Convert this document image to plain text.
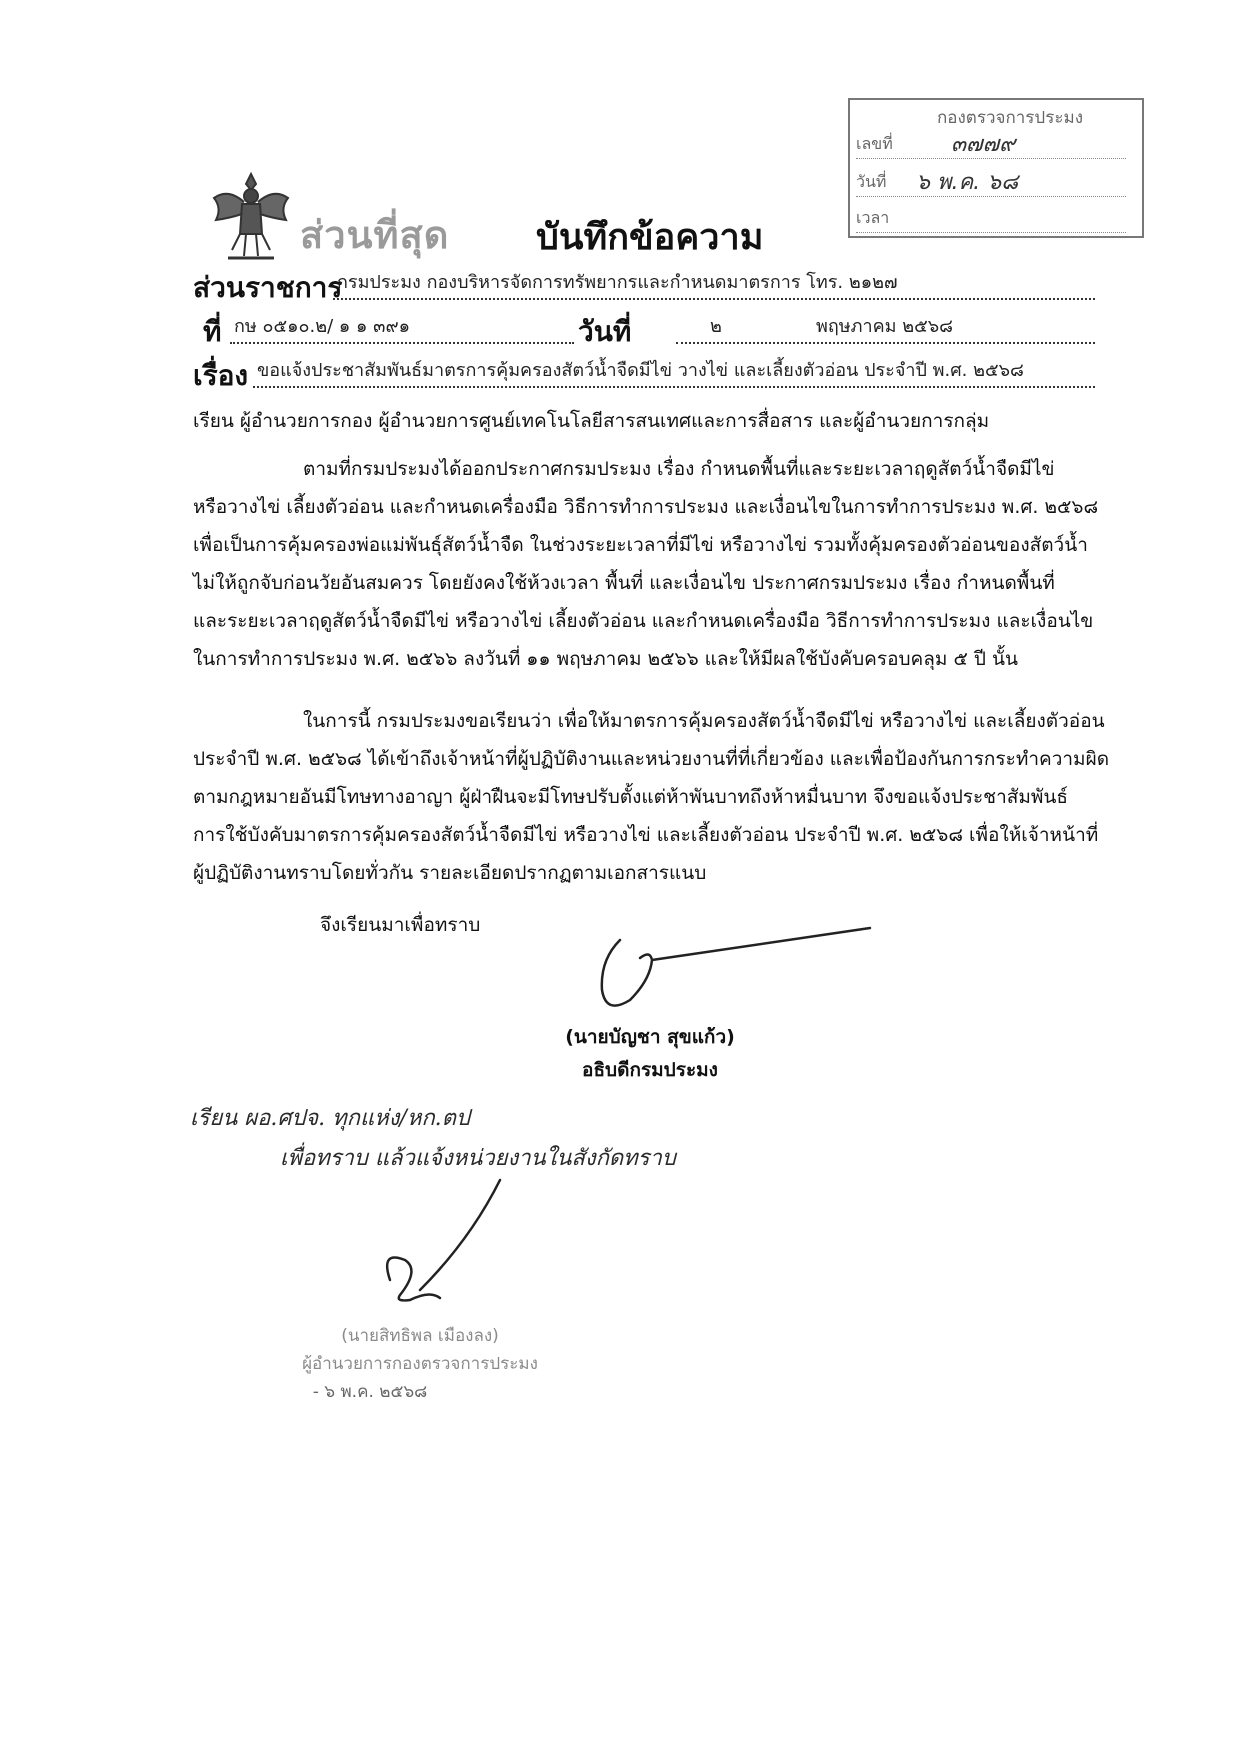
กองตรวจการประมง
เลขที่	๓๗๗๙
วันที่ ๖ พ.ค. ๖๘
เวลา
ส่วนที่สุด บันทึกข้อความ
ส่วนราชการ
กรมประมง กองบริหารจัดการทรัพยากรและกำหนดมาตรการ โทร. ๒๑๒๗
ที่ กษ ๐๕๑๐.๒/ ๑ ๑ ๓๙๑	วันที่	๒	พฤษภาคม ๒๕๖๘
เรื่อง ขอแจ้งประชาสัมพันธ์มาตรการคุ้มครองสัตว์น้ำจืดมีไข่ วางไข่ และเลี้ยงตัวอ่อน ประจำปี พ.ศ. ๒๕๖๘
เรียน ผู้อำนวยการกอง ผู้อำนวยการศูนย์เทคโนโลยีสารสนเทศและการสื่อสาร และผู้อำนวยการกลุ่ม
ตามที่กรมประมงได้ออกประกาศกรมประมง เรื่อง กำหนดพื้นที่และระยะเวลาฤดูสัตว์น้ำจืดมีไข่
หรือวางไข่ เลี้ยงตัวอ่อน และกำหนดเครื่องมือ วิธีการทำการประมง และเงื่อนไขในการทำการประมง พ.ศ. ๒๕๖๘
เพื่อเป็นการคุ้มครองพ่อแม่พันธุ์สัตว์น้ำจืด ในช่วงระยะเวลาที่มีไข่ หรือวางไข่ รวมทั้งคุ้มครองตัวอ่อนของสัตว์น้ำ
ไม่ให้ถูกจับก่อนวัยอันสมควร โดยยังคงใช้ห้วงเวลา พื้นที่ และเงื่อนไข ประกาศกรมประมง เรื่อง กำหนดพื้นที่
และระยะเวลาฤดูสัตว์น้ำจืดมีไข่ หรือวางไข่ เลี้ยงตัวอ่อน และกำหนดเครื่องมือ วิธีการทำการประมง และเงื่อนไข
ในการทำการประมง พ.ศ. ๒๕๖๖ ลงวันที่ ๑๑ พฤษภาคม ๒๕๖๖ และให้มีผลใช้บังคับครอบคลุม ๕ ปี นั้น
ในการนี้ กรมประมงขอเรียนว่า เพื่อให้มาตรการคุ้มครองสัตว์น้ำจืดมีไข่ หรือวางไข่ และเลี้ยงตัวอ่อน
ประจำปี พ.ศ. ๒๕๖๘ ได้เข้าถึงเจ้าหน้าที่ผู้ปฏิบัติงานและหน่วยงานที่ที่เกี่ยวข้อง และเพื่อป้องกันการกระทำความผิด
ตามกฎหมายอันมีโทษทางอาญา ผู้ฝ่าฝืนจะมีโทษปรับตั้งแต่ห้าพันบาทถึงห้าหมื่นบาท จึงขอแจ้งประชาสัมพันธ์
การใช้บังคับมาตรการคุ้มครองสัตว์น้ำจืดมีไข่ หรือวางไข่ และเลี้ยงตัวอ่อน ประจำปี พ.ศ. ๒๕๖๘ เพื่อให้เจ้าหน้าที่
ผู้ปฏิบัติงานทราบโดยทั่วกัน รายละเอียดปรากฏตามเอกสารแนบ
จึงเรียนมาเพื่อทราบ
(นายบัญชา สุขแก้ว)
อธิบดีกรมประมง
เรียน ผอ.ศปจ. ทุกแห่ง/หก.ตป
เพื่อทราบ แล้วแจ้งหน่วยงานในสังกัดทราบ
(นายสิทธิพล เมืองลง)
ผู้อำนวยการกองตรวจการประมง
- ๖ พ.ค. ๒๕๖๘
